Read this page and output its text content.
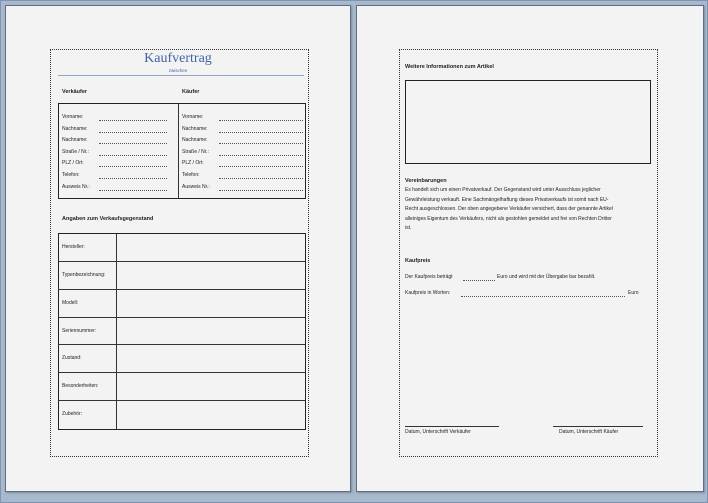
Kaufvertrag
zwischen
Verkäufer	Käufer
Vorname:	Vorname:
Nachname:	Nachname:
Nachname:	Nachname:
Straße / Nr.:	Straße / Nr.:
PLZ / Ort:	PLZ / Ort:
Telefon:	Telefon:
Ausweis Nr.:	Ausweis Nr.:
Angaben zum Verkaufsgegenstand
Hersteller:
Typenbezeichnung:
Modell:
Seriennummer:
Zustand:
Besonderheiten:
Zubehör:
Weitere Informationen zum Artikel
Vereinbarungen
Es handelt sich um einen Privatverkauf. Der Gegenstand wird unter Ausschluss jeglicher
Gewährleistung verkauft. Eine Sachmängelhaftung dieses Privatverkaufs ist somit nach EU-
Recht ausgeschlossen. Der oben angegebene Verkäufer versichert, dass der genannte Artikel
alleiniges Eigentum des Verkäufers, nicht als gestohlen gemeldet und frei von Rechten Dritter
ist.
Kaufpreis
Der Kaufpreis beträgt	Euro und wird mit der Übergabe bar bezahlt.
Kaufpreis in Worten:	Euro
Datum, Unterschrift Verkäufer	Datum, Unterschrift Käufer
